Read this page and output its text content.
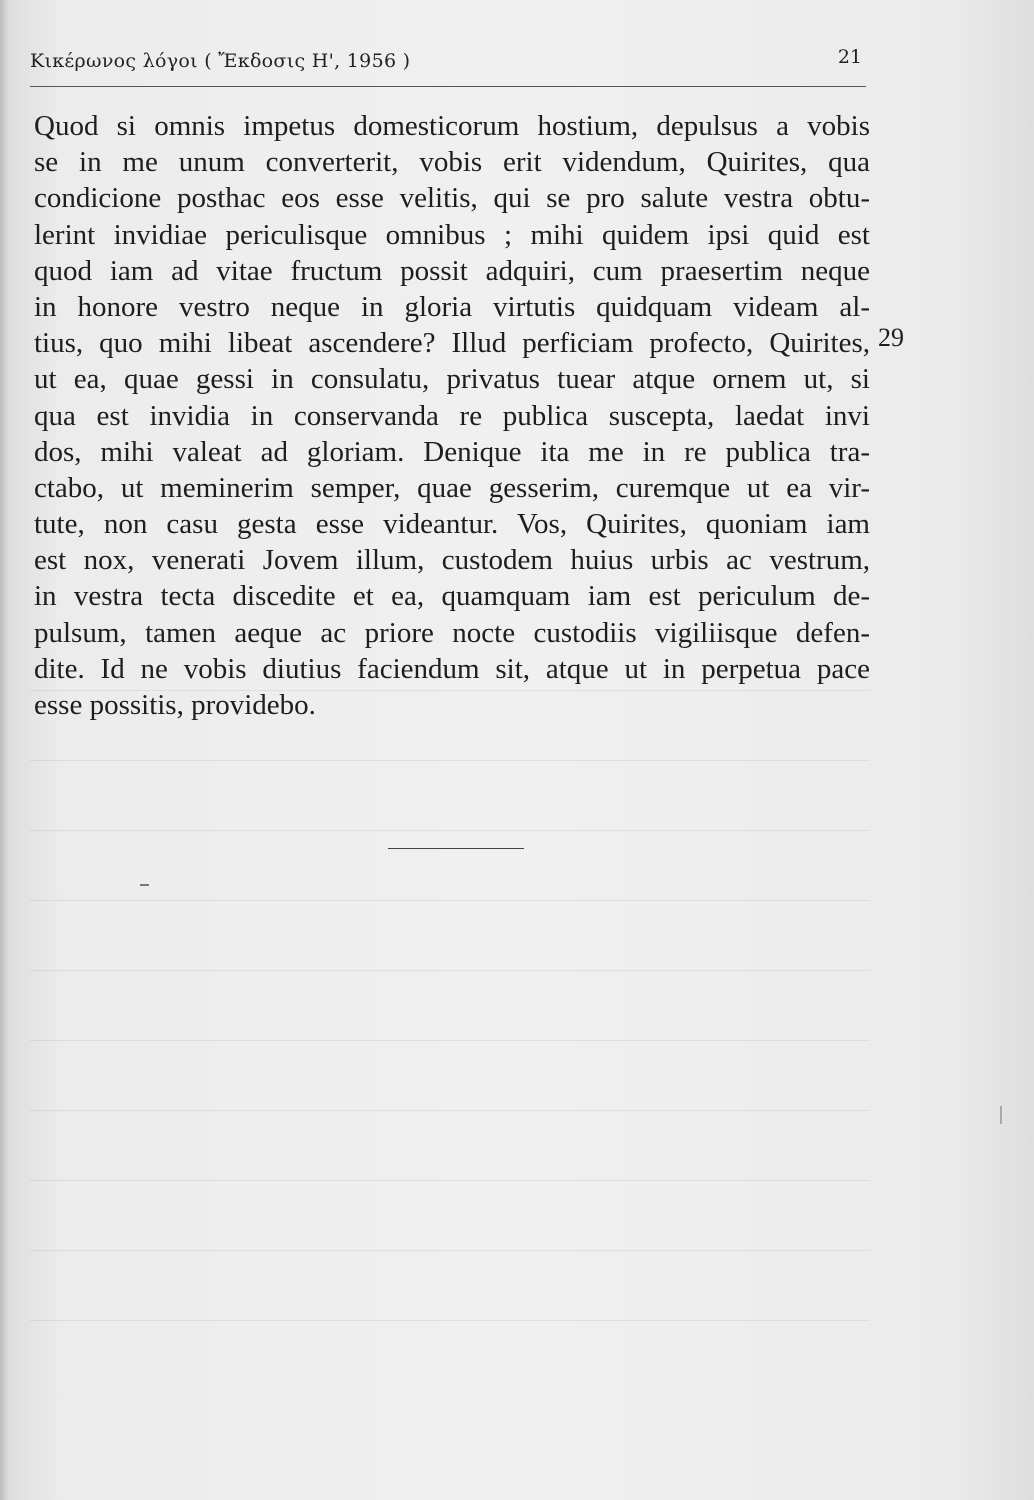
Κικέρωνος λόγοι ( Ἔκδοσις Η', 1956 )	21
Quod si omnis impetus domesticorum hostium, depulsus a vobis
se in me unum converterit, vobis erit videndum, Quirites, qua
condicione posthac eos esse velitis, qui se pro salute vestra obtu-
lerint invidiae periculisque omnibus ; mihi quidem ipsi quid est
quod iam ad vitae fructum possit adquiri, cum praesertim neque
in honore vestro neque in gloria virtutis quidquam videam al-
tius, quo mihi libeat ascendere? Illud perficiam profecto, Quirites,
ut ea, quae gessi in consulatu, privatus tuear atque ornem ut, si
qua est invidia in conservanda re publica suscepta, laedat invi
dos, mihi valeat ad gloriam. Denique ita me in re publica tra-
ctabo, ut meminerim semper, quae gesserim, curemque ut ea vir-
tute, non casu gesta esse videantur. Vos, Quirites, quoniam iam
est nox, venerati Jovem illum, custodem huius urbis ac vestrum,
in vestra tecta discedite et ea, quamquam iam est periculum de-
pulsum, tamen aeque ac priore nocte custodiis vigiliisque defen-
dite. Id ne vobis diutius faciendum sit, atque ut in perpetua pace
esse possitis, providebo.
29
